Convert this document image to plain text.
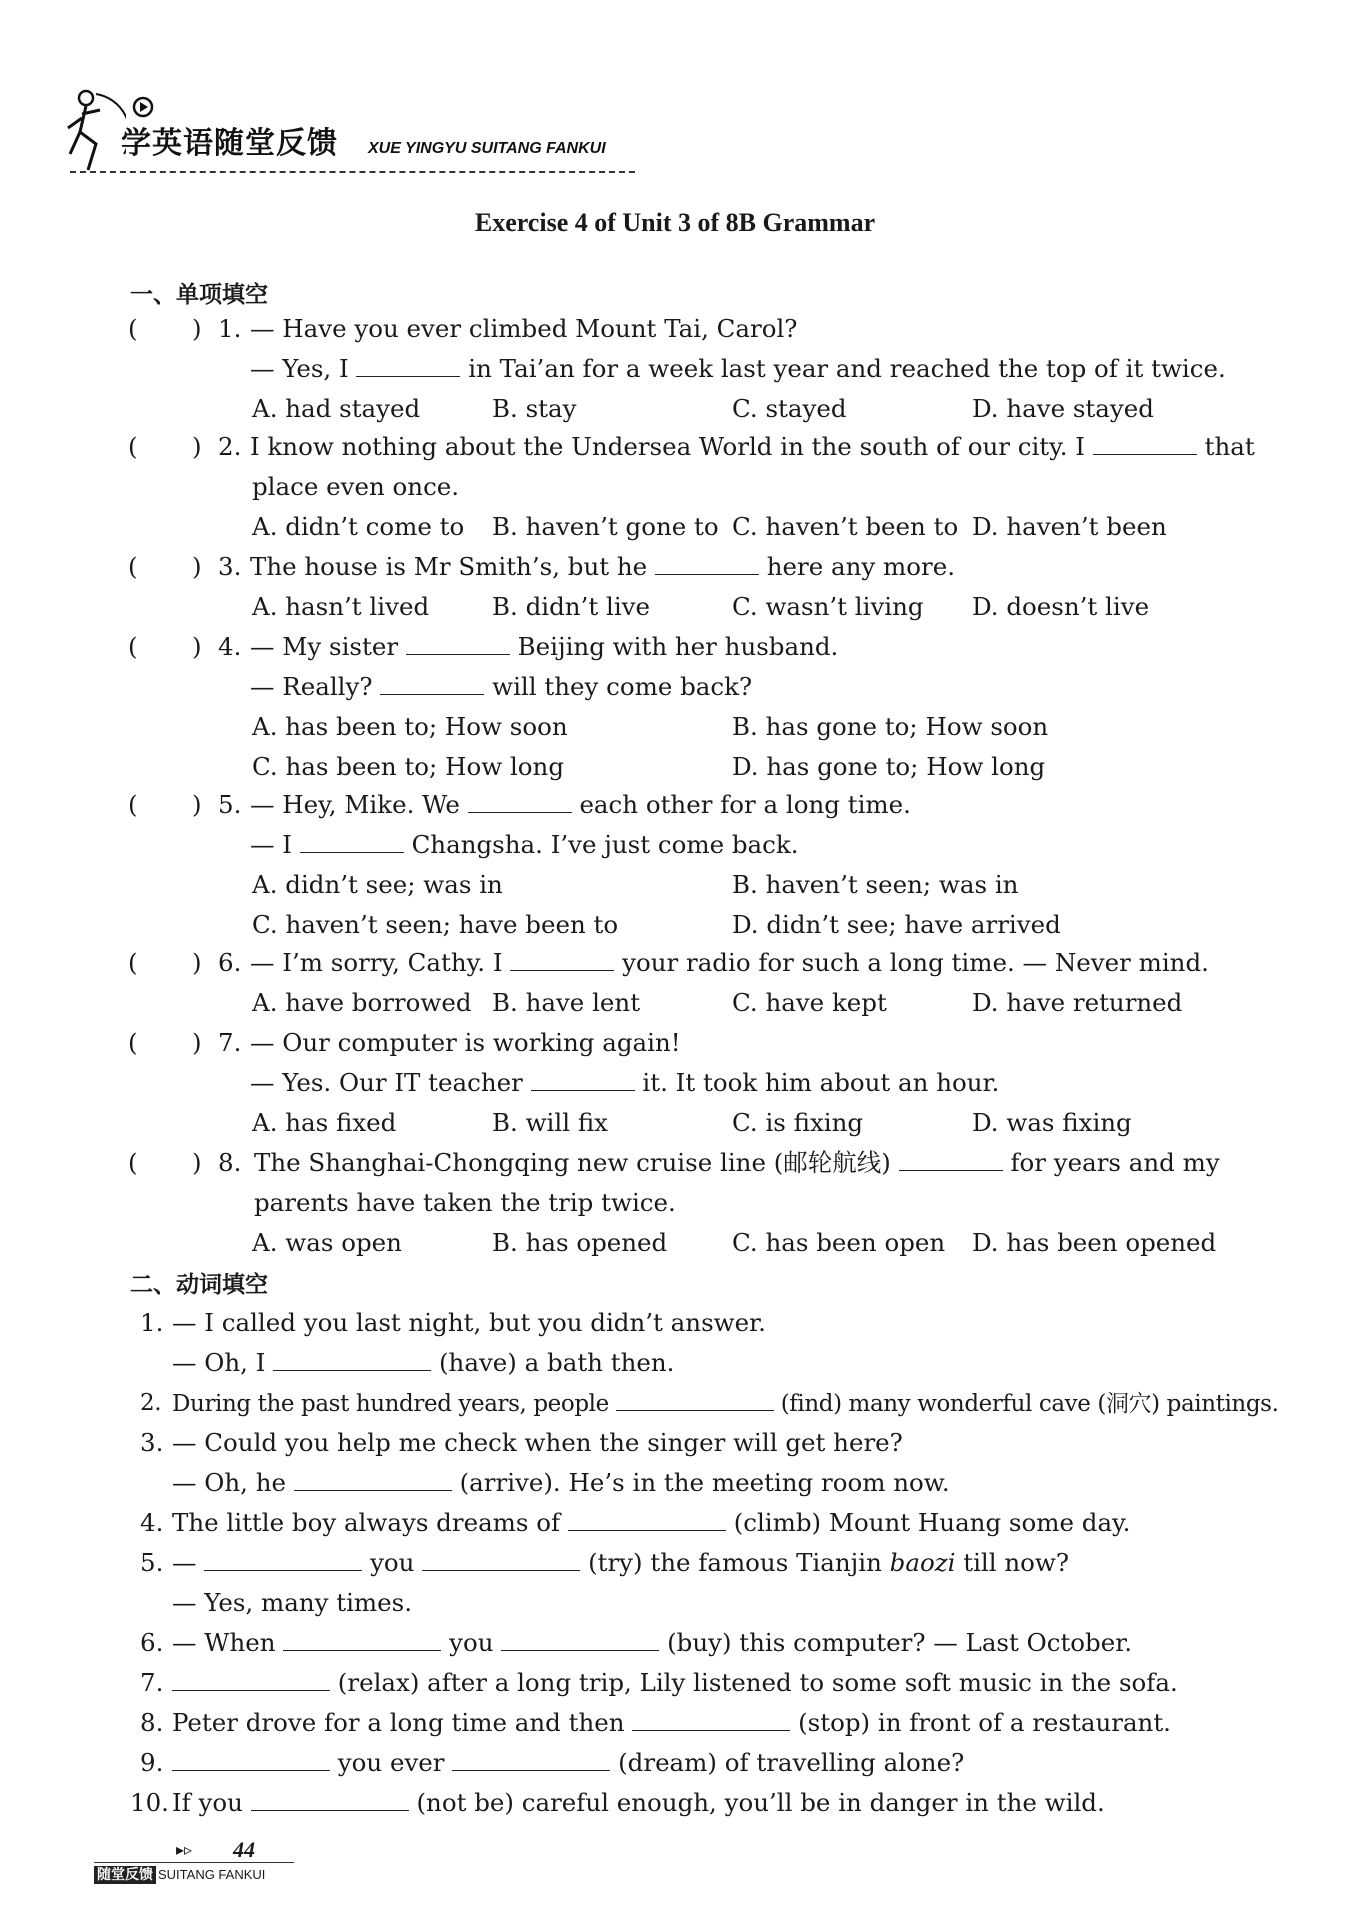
学英语随堂反馈 XUE YINGYU SUITANG FANKUI
Exercise 4 of Unit 3 of 8B Grammar
一、单项填空
( ) 1. — Have you ever climbed Mount Tai, Carol?
— Yes, I	in Tai’an for a week last year and reached the top of it twice.
A. had stayed	B. stay	C. stayed	D. have stayed
( ) 2. I know nothing about the Undersea World in the south of our city. I	that
place even once.
A. didn’t come to B. haven’t gone to C. haven’t been to D. haven’t been
( ) 3. The house is Mr Smith’s, but he	here any more.
A. hasn’t lived	B. didn’t live	C. wasn’t living D. doesn’t live
( ) 4. — My sister	Beijing with her husband.
— Really?	will they come back?
A. has been to; How soon	B. has gone to; How soon
C. has been to; How long	D. has gone to; How long
( ) 5. — Hey, Mike. We	each other for a long time.
— I	Changsha. I’ve just come back.
A. didn’t see; was in	B. haven’t seen; was in
C. haven’t seen; have been to	D. didn’t see; have arrived
( ) 6. — I’m sorry, Cathy. I	your radio for such a long time. — Never mind.
A. have borrowed B. have lent	C. have kept	D. have returned
( ) 7. — Our computer is working again!
— Yes. Our IT teacher	it. It took him about an hour.
A. has fixed	B. will fix	C. is fixing	D. was fixing
( ) 8. The Shanghai-Chongqing new cruise line (邮轮航线)	for years and my
parents have taken the trip twice.
A. was open	B. has opened	C. has been open D. has been opened
二、动词填空
1. — I called you last night, but you didn’t answer.
— Oh, I	(have) a bath then.
2. During the past hundred years, people	(find) many wonderful cave (洞穴) paintings.
3. — Could you help me check when the singer will get here?
— Oh, he	(arrive). He’s in the meeting room now.
4. The little boy always dreams of	(climb) Mount Huang some day.
5. —	you	(try) the famous Tianjin baozi till now?
— Yes, many times.
6. — When	you	(buy) this computer? — Last October.
7.	(relax) after a long trip, Lily listened to some soft music in the sofa.
8. Peter drove for a long time and then	(stop) in front of a restaurant.
9.	you ever	(dream) of travelling alone?
10. If you	(not be) careful enough, you’ll be in danger in the wild.
▸▹ 44
随堂反馈 SUITANG FANKUI
